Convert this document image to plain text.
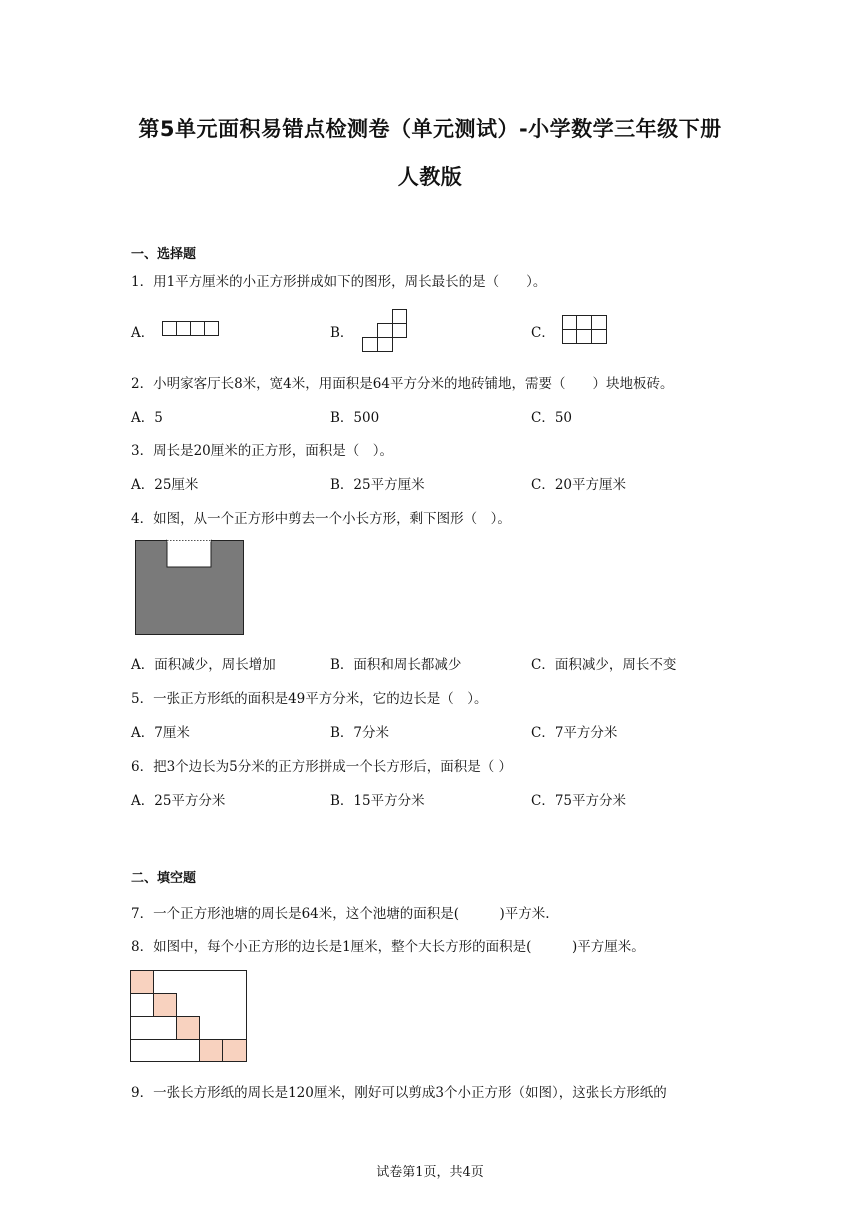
第5单元面积易错点检测卷（单元测试）-小学数学三年级下册
人教版
一、选择题
1．用1平方厘米的小正方形拼成如下的图形，周长最长的是（　　）。
A．	B．	C．
2．小明家客厅长8米，宽4米，用面积是64平方分米的地砖铺地，需要（　　）块地板砖。
A．5	B．500	C．50
3．周长是20厘米的正方形，面积是（　）。
A．25厘米	B．25平方厘米	C．20平方厘米
4．如图，从一个正方形中剪去一个小长方形，剩下图形（　）。
A．面积减少，周长增加	B．面积和周长都减少	C．面积减少，周长不变
5．一张正方形纸的面积是49平方分米，它的边长是（　）。
A．7厘米	B．7分米	C．7平方分米
6．把3个边长为5分米的正方形拼成一个长方形后，面积是（ ）
A．25平方分米	B．15平方分米	C．75平方分米
二、填空题
7．一个正方形池塘的周长是64米，这个池塘的面积是(　　　)平方米.
8．如图中，每个小正方形的边长是1厘米，整个大长方形的面积是(　　　)平方厘米。
9．一张长方形纸的周长是120厘米，刚好可以剪成3个小正方形（如图），这张长方形纸的
试卷第1页，共4页
